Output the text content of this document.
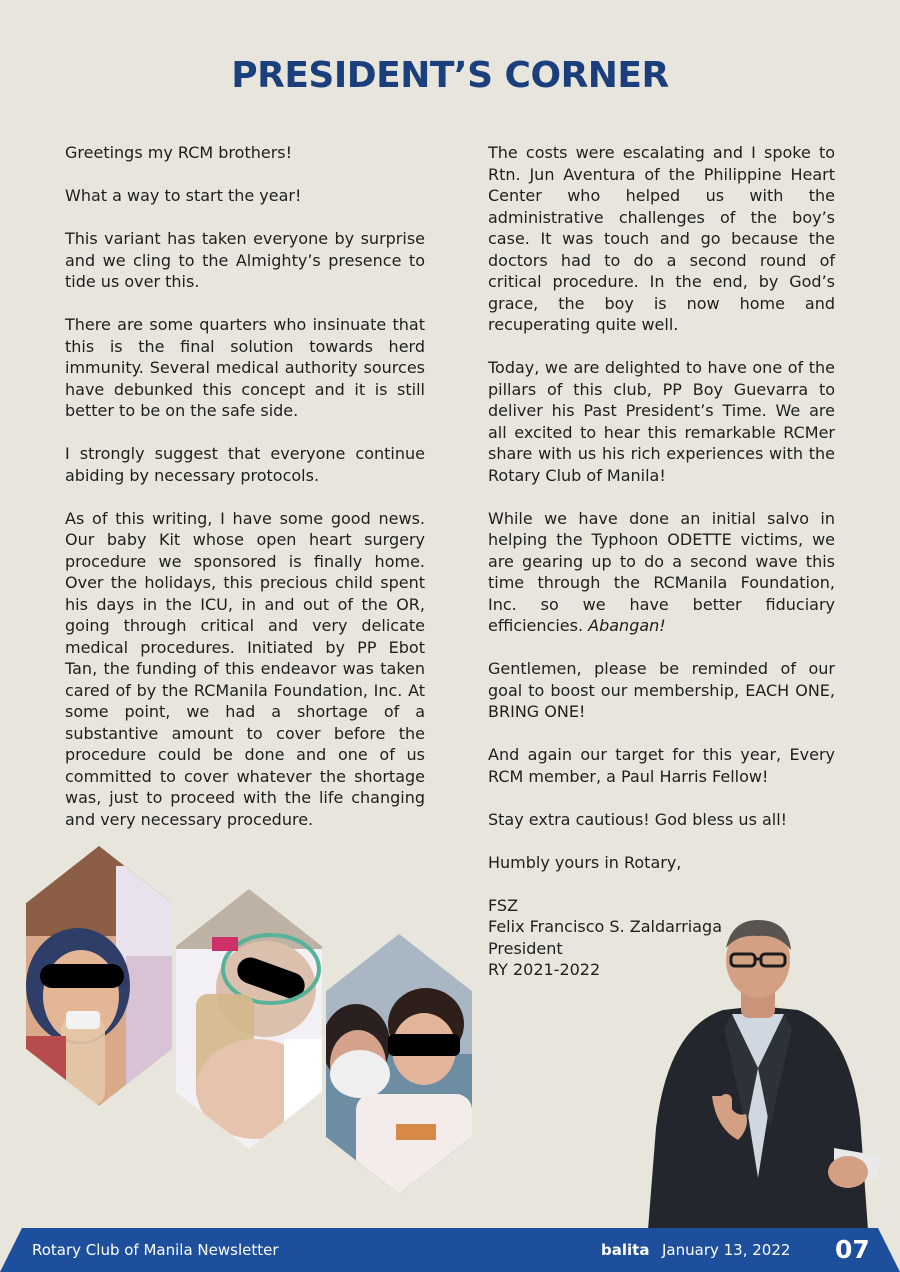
PRESIDENT’S CORNER

Greetings my RCM brothers!

What a way to start the year!

This variant has taken everyone by surprise and we cling to the Almighty’s presence to tide us over this.

There are some quarters who insinuate that this is the final solution towards herd immunity. Several medical authority sources have debunked this concept and it is still better to be on the safe side.

I strongly suggest that everyone continue abiding by necessary protocols.

As of this writing, I have some good news. Our baby Kit whose open heart surgery procedure we sponsored is finally home. Over the holidays, this precious child spent his days in the ICU, in and out of the OR, going through critical and very delicate medical procedures. Initiated by PP Ebot Tan, the funding of this endeavor was taken cared of by the RCManila Foundation, Inc. At some point, we had a shortage of a substantive amount to cover before the procedure could be done and one of us committed to cover whatever the shortage was, just to proceed with the life changing and very necessary procedure.

The costs were escalating and I spoke to Rtn. Jun Aventura of the Philippine Heart Center who helped us with the administrative challenges of the boy’s case. It was touch and go because the doctors had to do a second round of critical procedure. In the end, by God’s grace, the boy is now home and recuperating quite well.

Today, we are delighted to have one of the pillars of this club, PP Boy Guevarra to deliver his Past President’s Time. We are all excited to hear this remarkable RCMer share with us his rich experiences with the Rotary Club of Manila!

While we have done an initial salvo in helping the Typhoon ODETTE victims, we are gearing up to do a second wave this time through the RCManila Foundation, Inc. so we have better fiduciary efficiencies. Abangan!

Gentlemen, please be reminded of our goal to boost our membership, EACH ONE, BRING ONE!

And again our target for this year, Every RCM member, a Paul Harris Fellow!

Stay extra cautious! God bless us all!

Humbly yours in Rotary,

FSZ
Felix Francisco S. Zaldarriaga
President
RY 2021-2022

Rotary Club of Manila Newsletter	balita January 13, 2022 07
